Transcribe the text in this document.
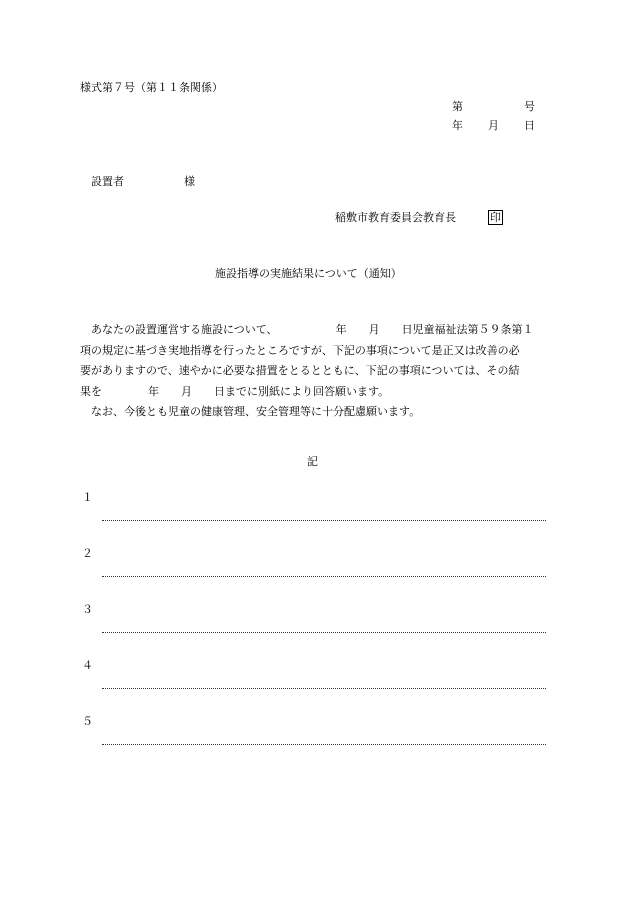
様式第７号（第１１条関係）
第	号
年 月 日
設置者	様
稲敷市教育委員会教育長	印
施設指導の実施結果について（通知）
あなたの設置運営する施設について、	年 月 日児童福祉法第５９条第１
項の規定に基づき実地指導を行ったところですが、下記の事項について是正又は改善の必
要がありますので、速やかに必要な措置をとるとともに、下記の事項については、その結
果を	年 月 日までに別紙により回答願います。
なお、今後とも児童の健康管理、安全管理等に十分配慮願います。
記
１
２
３
４
５
